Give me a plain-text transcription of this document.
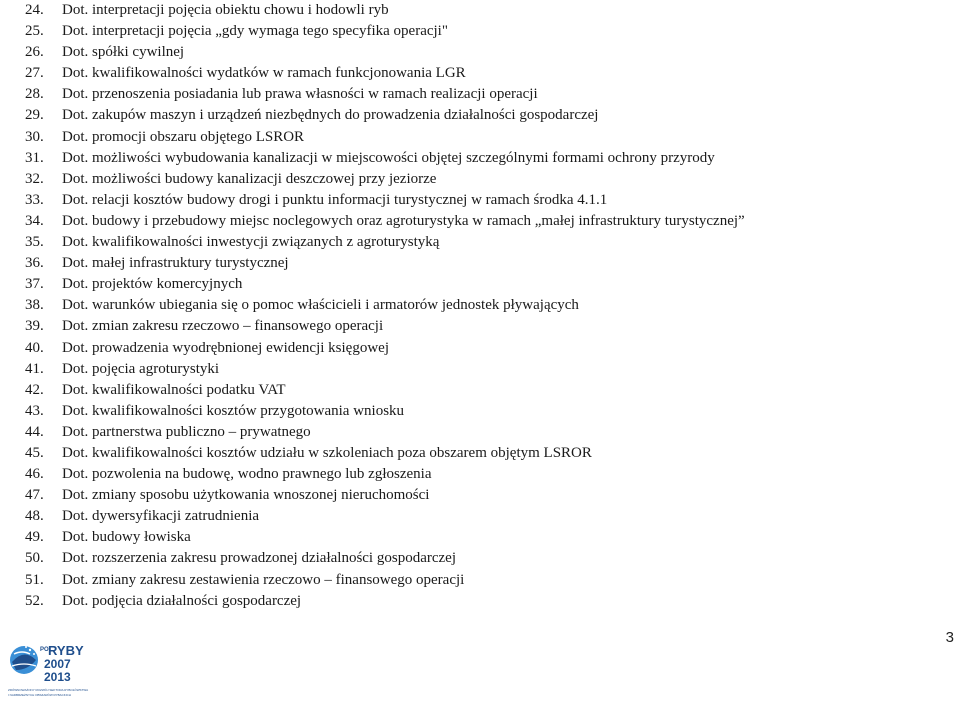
24.	Dot. interpretacji pojęcia obiektu chowu i hodowli ryb
25.	Dot. interpretacji pojęcia „gdy wymaga tego specyfika operacji"
26.	Dot. spółki cywilnej
27.	Dot. kwalifikowalności wydatków w ramach funkcjonowania LGR
28.	Dot. przenoszenia posiadania lub prawa własności w ramach realizacji operacji
29.	Dot. zakupów maszyn i urządzeń niezbędnych do prowadzenia działalności gospodarczej
30.	Dot. promocji obszaru objętego LSROR
31.	Dot. możliwości wybudowania kanalizacji w miejscowości objętej szczególnymi formami ochrony przyrody
32.	Dot. możliwości budowy kanalizacji deszczowej przy jeziorze
33.	Dot. relacji kosztów budowy drogi i punktu informacji turystycznej w ramach środka 4.1.1
34.	Dot. budowy i przebudowy miejsc noclegowych oraz agroturystyka w ramach „małej infrastruktury turystycznej”
35.	Dot. kwalifikowalności inwestycji związanych z agroturystyką
36.	Dot. małej infrastruktury turystycznej
37.	Dot. projektów komercyjnych
38.	Dot. warunków ubiegania się o pomoc właścicieli i armatorów jednostek pływających
39.	Dot. zmian zakresu rzeczowo – finansowego operacji
40.	Dot. prowadzenia wyodrębnionej ewidencji księgowej
41.	Dot. pojęcia agroturystyki
42.	Dot. kwalifikowalności podatku VAT
43.	Dot. kwalifikowalności kosztów przygotowania wniosku
44.	Dot. partnerstwa publiczno – prywatnego
45.	Dot. kwalifikowalności kosztów udziału w szkoleniach poza obszarem objętym LSROR
46.	Dot. pozwolenia na budowę, wodno prawnego lub zgłoszenia
47.	Dot. zmiany sposobu użytkowania wnoszonej nieruchomości
48.	Dot. dywersyfikacji zatrudnienia
49.	Dot. budowy łowiska
50.	Dot. rozszerzenia zakresu prowadzonej działalności gospodarczej
51.	Dot. zmiany zakresu zestawienia rzeczowo – finansowego operacji
52.	Dot. podjęcia działalności gospodarczej
3
PO RYBY
2007
2013
ZRÓWNOWAŻONY ROZWÓJ SEKTORA RYBOŁÓWSTWA
I NADBRZEŻNYCH OBSZARÓW RYBACKICH
